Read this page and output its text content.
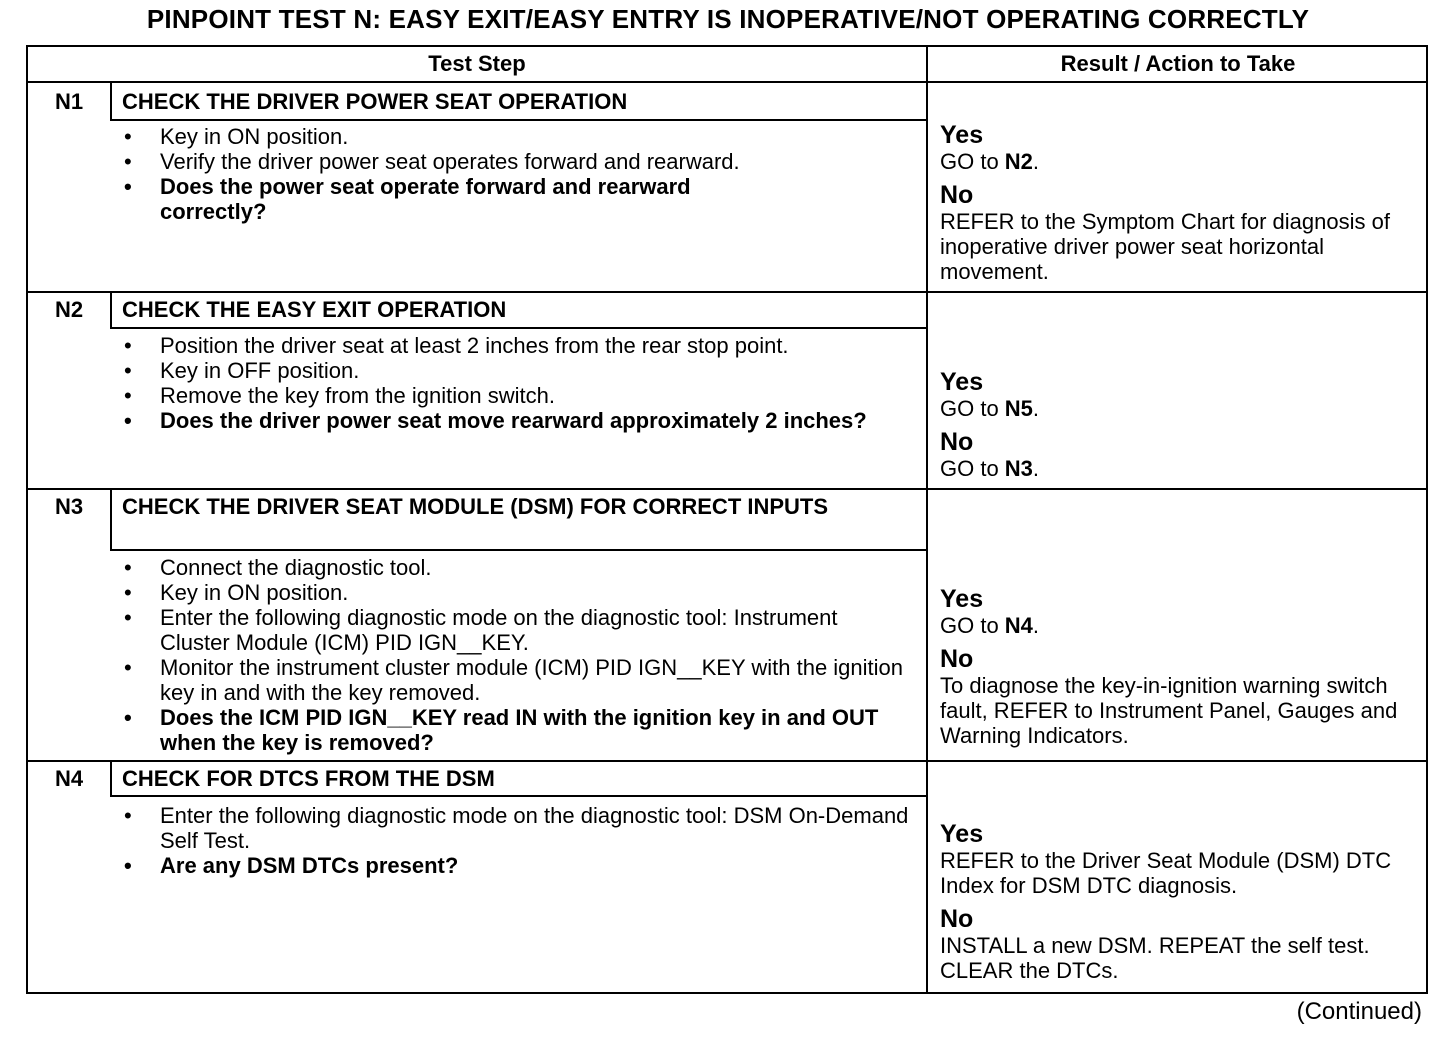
PINPOINT TEST N: EASY EXIT/EASY ENTRY IS INOPERATIVE/NOT OPERATING CORRECTLY
Test Step	Result / Action to Take
N1	CHECK THE DRIVER POWER SEAT OPERATION
• Key in ON position.
• Verify the driver power seat operates forward and rearward.
• Does the power seat operate forward and rearward correctly?
Yes
GO to N2.
No
REFER to the Symptom Chart for diagnosis of inoperative driver power seat horizontal movement.
N2	CHECK THE EASY EXIT OPERATION
• Position the driver seat at least 2 inches from the rear stop point.
• Key in OFF position.
• Remove the key from the ignition switch.
• Does the driver power seat move rearward approximately 2 inches?
Yes
GO to N5.
No
GO to N3.
N3	CHECK THE DRIVER SEAT MODULE (DSM) FOR CORRECT INPUTS
• Connect the diagnostic tool.
• Key in ON position.
• Enter the following diagnostic mode on the diagnostic tool: Instrument Cluster Module (ICM) PID IGN__KEY.
• Monitor the instrument cluster module (ICM) PID IGN__KEY with the ignition key in and with the key removed.
• Does the ICM PID IGN__KEY read IN with the ignition key in and OUT when the key is removed?
Yes
GO to N4.
No
To diagnose the key-in-ignition warning switch fault, REFER to Instrument Panel, Gauges and Warning Indicators.
N4	CHECK FOR DTCS FROM THE DSM
• Enter the following diagnostic mode on the diagnostic tool: DSM On-Demand Self Test.
• Are any DSM DTCs present?
Yes
REFER to the Driver Seat Module (DSM) DTC Index for DSM DTC diagnosis.
No
INSTALL a new DSM. REPEAT the self test. CLEAR the DTCs.
(Continued)
